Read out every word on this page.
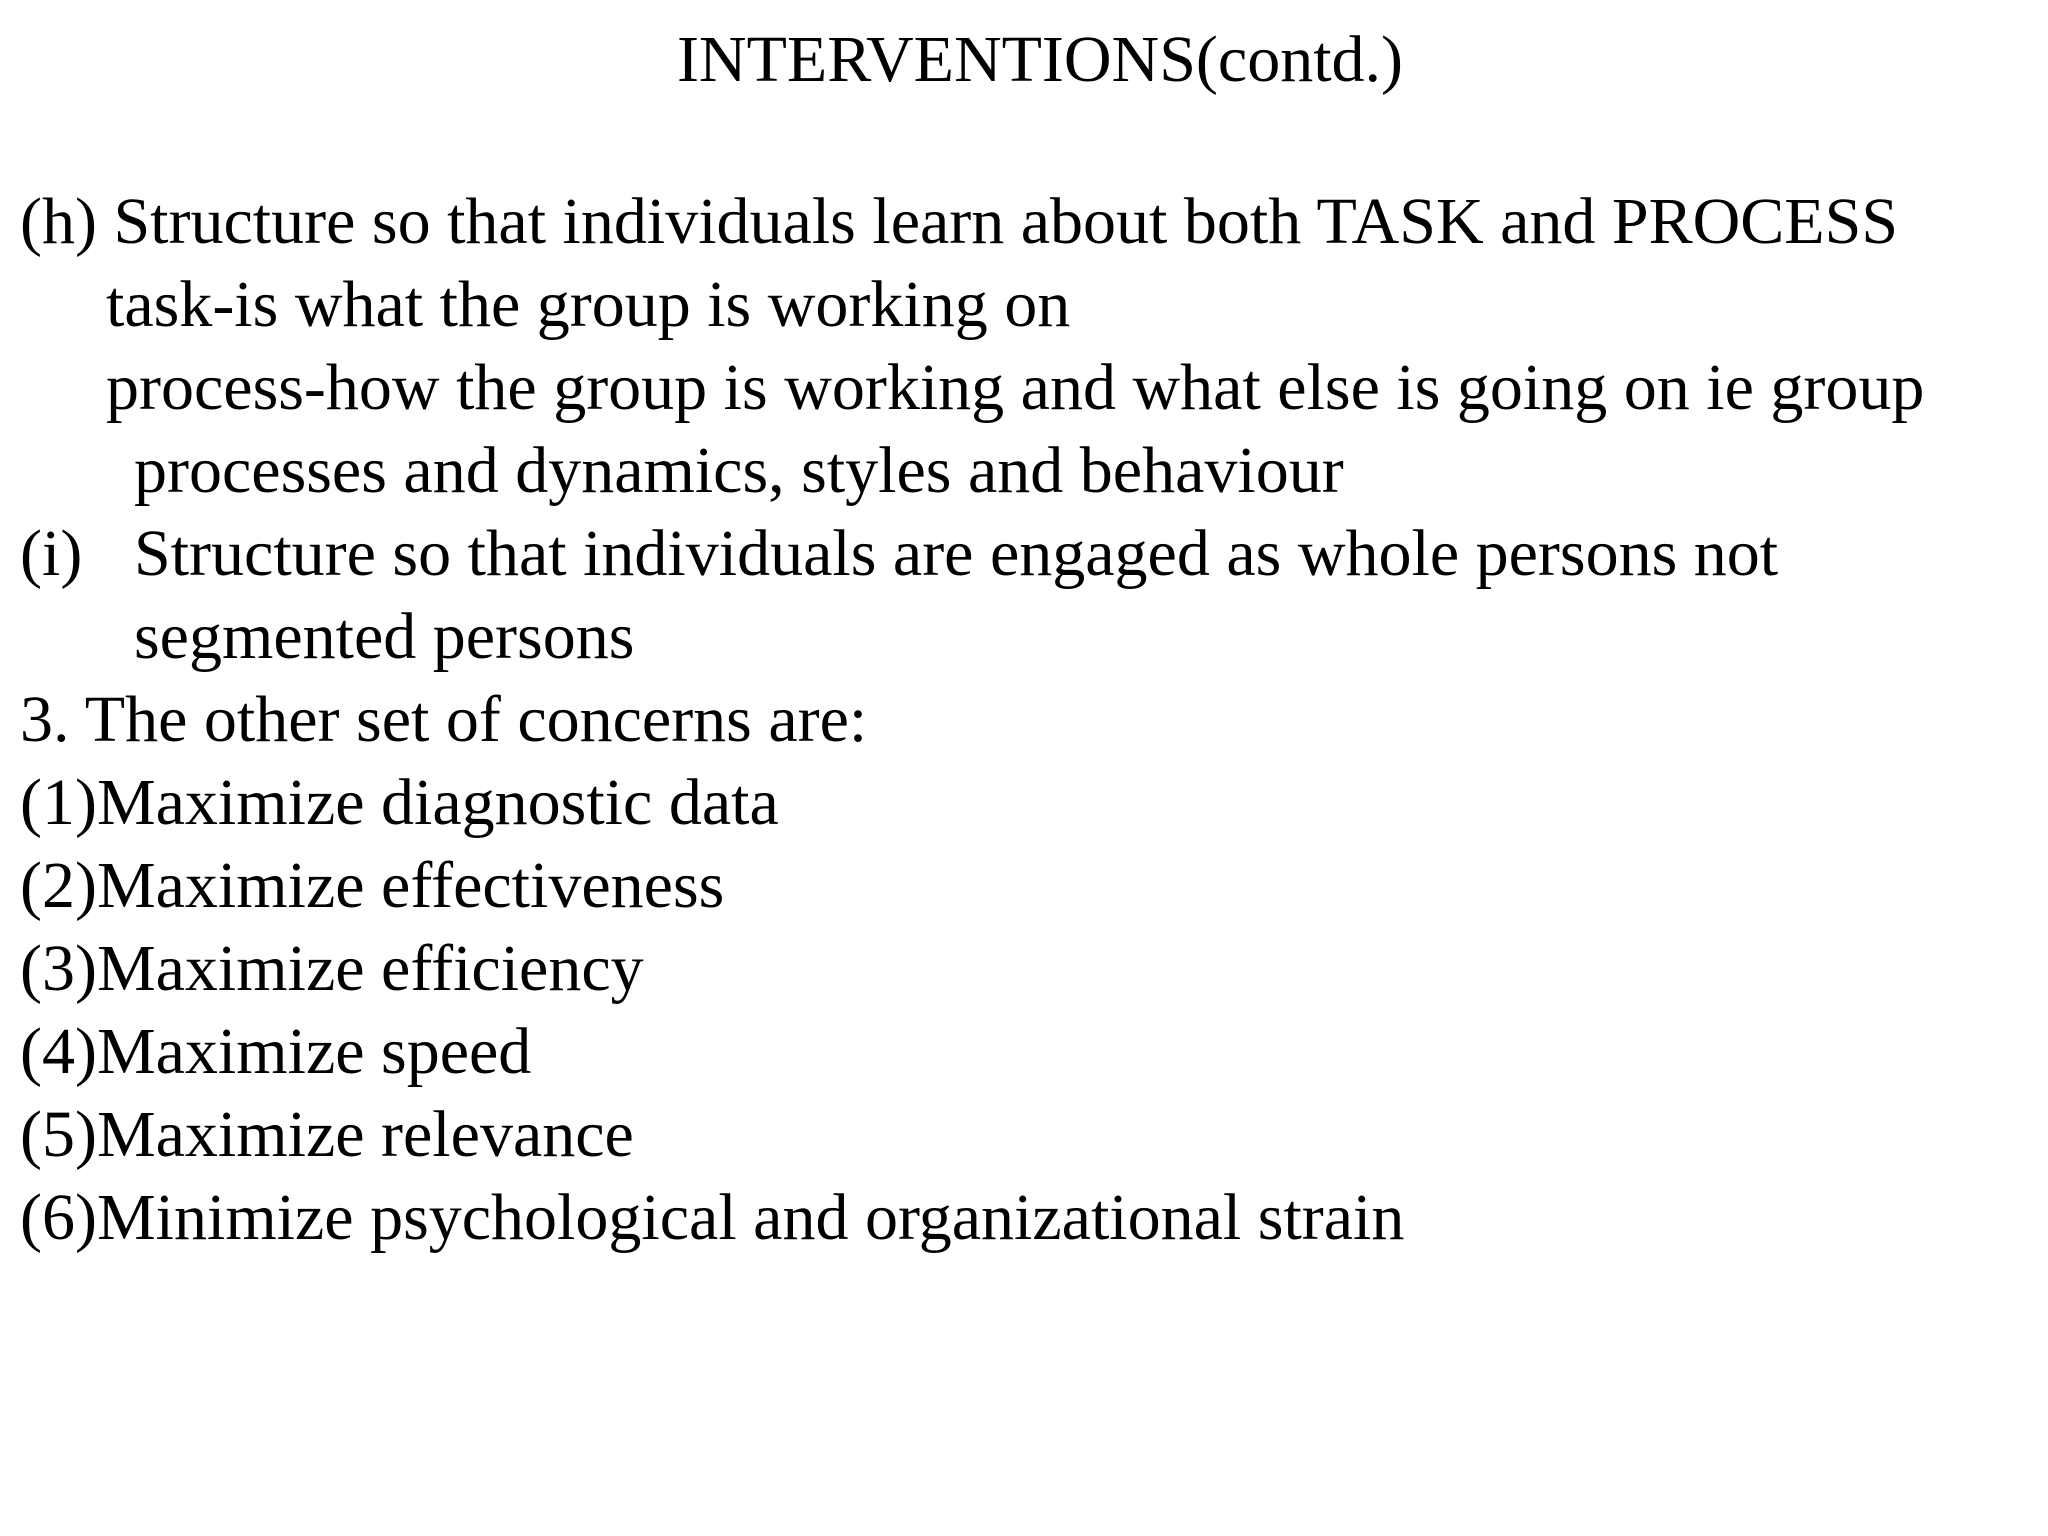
INTERVENTIONS(contd.)
(h) Structure so that individuals learn about both TASK and PROCESS
task-is what the group is working on
process-how the group is working and what else is going on ie group
processes and dynamics, styles and behaviour
(i) Structure so that individuals are engaged as whole persons not
segmented persons
3. The other set of concerns are:
(1)Maximize diagnostic data
(2)Maximize effectiveness
(3)Maximize efficiency
(4)Maximize speed
(5)Maximize relevance
(6)Minimize psychological and organizational strain
